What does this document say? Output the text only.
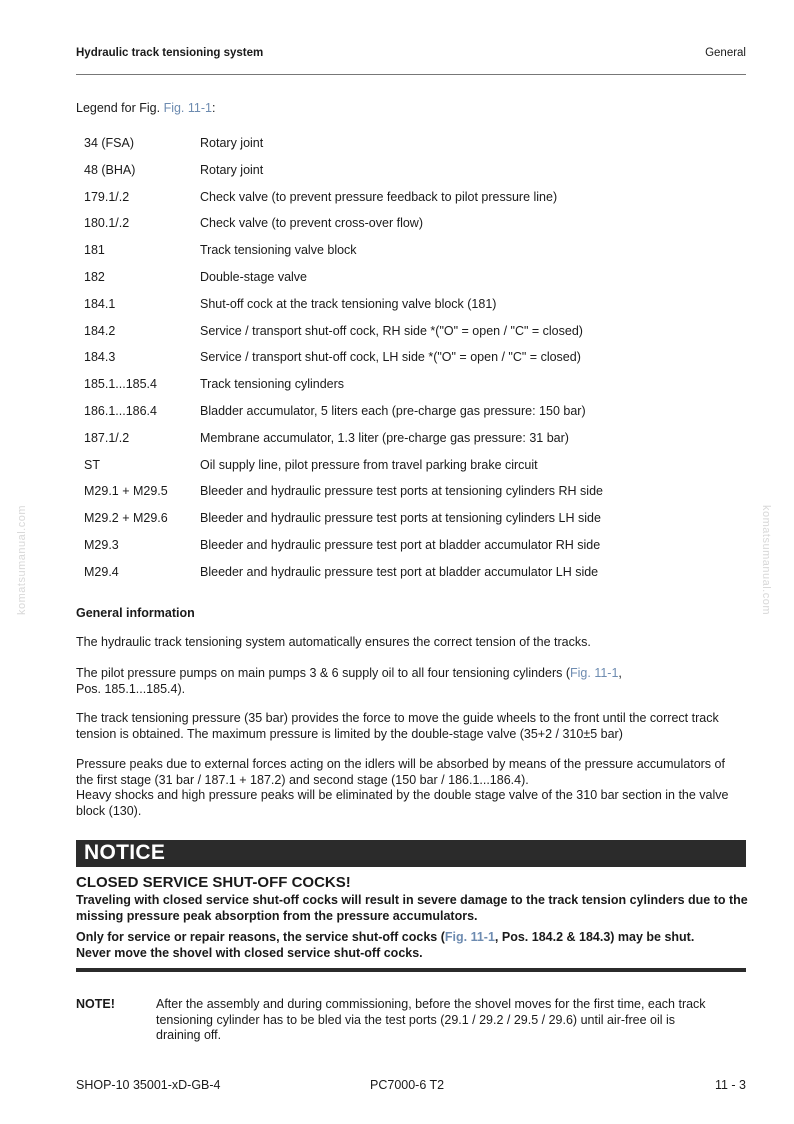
Hydraulic track tensioning system	General
Legend for Fig. Fig. 11-1:
34 (FSA)	Rotary joint
48 (BHA)	Rotary joint
179.1/.2	Check valve (to prevent pressure feedback to pilot pressure line)
180.1/.2	Check valve (to prevent cross-over flow)
181	Track tensioning valve block
182	Double-stage valve
184.1	Shut-off cock at the track tensioning valve block (181)
184.2	Service / transport shut-off cock, RH side *("O" = open / "C" = closed)
184.3	Service / transport shut-off cock, LH side *("O" = open / "C" = closed)
185.1...185.4	Track tensioning cylinders
186.1...186.4	Bladder accumulator, 5 liters each (pre-charge gas pressure: 150 bar)
187.1/.2	Membrane accumulator, 1.3 liter (pre-charge gas pressure: 31 bar)
ST	Oil supply line, pilot pressure from travel parking brake circuit
M29.1 + M29.5	Bleeder and hydraulic pressure test ports at tensioning cylinders RH side
M29.2 + M29.6	Bleeder and hydraulic pressure test ports at tensioning cylinders LH side
M29.3	Bleeder and hydraulic pressure test port at bladder accumulator RH side
M29.4	Bleeder and hydraulic pressure test port at bladder accumulator LH side
General information
The hydraulic track tensioning system automatically ensures the correct tension of the tracks.
The pilot pressure pumps on main pumps 3 & 6 supply oil to all four tensioning cylinders (Fig. 11-1,
Pos. 185.1...185.4).
The track tensioning pressure (35 bar) provides the force to move the guide wheels to the front until the correct track tension is obtained. The maximum pressure is limited by the double-stage valve (35+2 / 310±5 bar)
Pressure peaks due to external forces acting on the idlers will be absorbed by means of the pressure accumulators of the first stage (31 bar / 187.1 + 187.2) and second stage (150 bar / 186.1...186.4).
Heavy shocks and high pressure peaks will be eliminated by the double stage valve of the 310 bar section in the valve block (130).
NOTICE
CLOSED SERVICE SHUT-OFF COCKS!
Traveling with closed service shut-off cocks will result in severe damage to the track tension cylinders due to the missing pressure peak absorption from the pressure accumulators.
Only for service or repair reasons, the service shut-off cocks (Fig. 11-1, Pos. 184.2 & 184.3) may be shut.
Never move the shovel with closed service shut-off cocks.
NOTE!	After the assembly and during commissioning, before the shovel moves for the first time, each track tensioning cylinder has to be bled via the test ports (29.1 / 29.2 / 29.5 / 29.6) until air-free oil is draining off.
komatsumanual.com	komatsumanual.com
SHOP-10 35001-xD-GB-4	PC7000-6 T2	11 - 3
